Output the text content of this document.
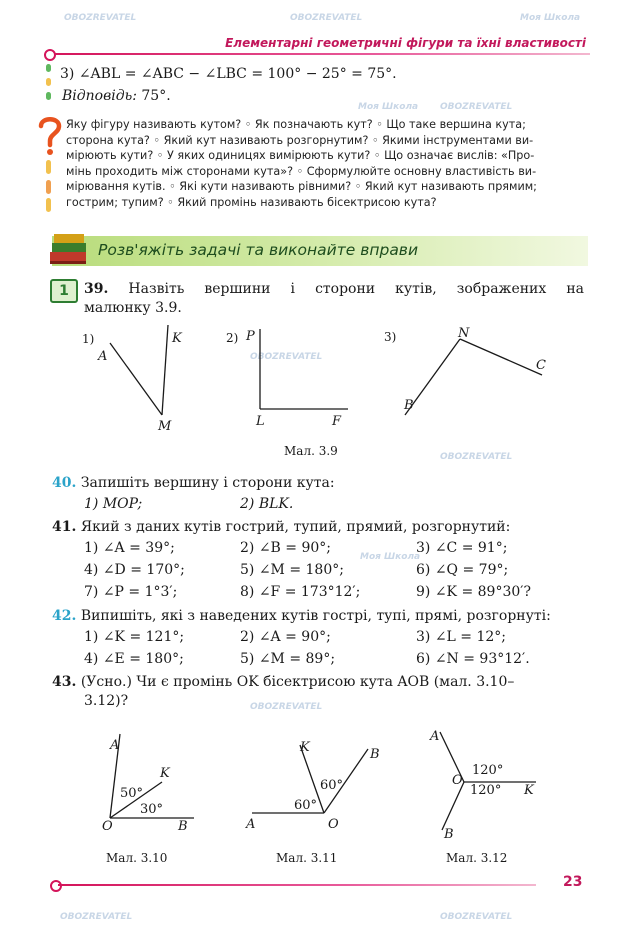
OBOZREVATEL	OBOZREVATEL	Моя Школа
Моя Школа OBOZREVATEL
OBOZREVATEL
OBOZREVATEL
Моя Школа
OBOZREVATEL
OBOZREVATEL
OBOZREVATEL
Елементарні геометричні фігури та їхні властивості
3) ∠ABL = ∠ABC − ∠LBC = 100° − 25° = 75°.
Відповідь: 75°.
Яку фігуру називають кутом? ◦ Як позначають кут? ◦ Що таке вершина кута;
сторона кута? ◦ Який кут називають розгорнутим? ◦ Якими інструментами ви-
мірюють кути? ◦ У яких одиницях вимірюють кути? ◦ Що означає вислів: «Про-
мінь проходить між сторонами кута»? ◦ Сформулюйте основну властивість ви-
мірювання кутів. ◦ Які кути називають рівними? ◦ Який кут називають прямим;
гострим; тупим? ◦ Який промінь називають бісектрисою кута?
Розв'яжіть задачі та виконайте вправи
1	39. Назвіть вершини і сторони кутів, зображених на
малюнку 3.9.
1)
A
K
M
2) P
L	F
3)	N
C
B
Мал. 3.9
40. Запишіть вершину і сторони кута:
1) MOP;	2) BLK.
41. Який з даних кутів гострий, тупий, прямий, розгорнутий:
1) ∠A = 39°;	2) ∠B = 90°;	3) ∠C = 91°;
4) ∠D = 170°;	5) ∠M = 180°;	6) ∠Q = 79°;
7) ∠P = 1°3′;	8) ∠F = 173°12′;	9) ∠K = 89°30′?
42. Випишіть, які з наведених кутів гострі, тупі, прямі, розгорнуті:
1) ∠K = 121°;	2) ∠A = 90°;	3) ∠L = 12°;
4) ∠E = 180°;	5) ∠M = 89°;	6) ∠N = 93°12′.
43. (Усно.) Чи є промінь OK бісектрисою кута AOB (мал. 3.10–
3.12)?
A
K
O	B
50°
30°
Мал. 3.10
K	B
A	O
60°
60°
Мал. 3.11
A
O
K
B
120°
120°
Мал. 3.12
23
